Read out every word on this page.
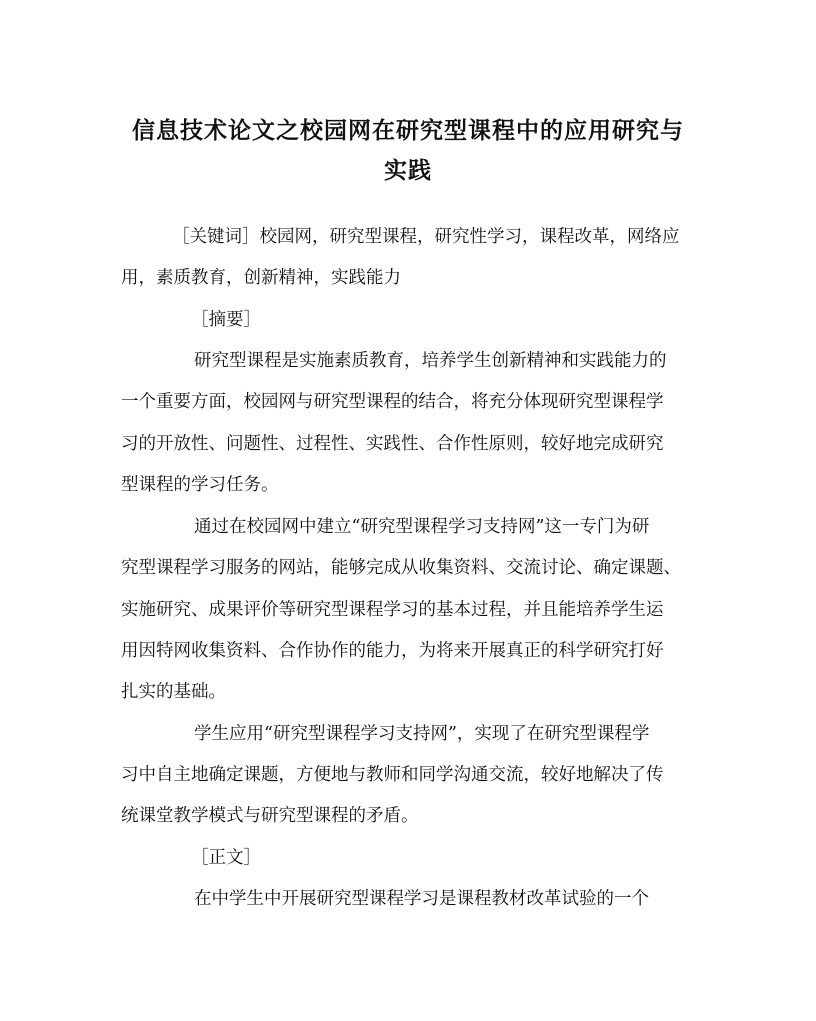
信息技术论文之校园网在研究型课程中的应用研究与
实践

［关键词］校园网，研究型课程，研究性学习，课程改革，网络应

用，素质教育，创新精神，实践能力

［摘要］

研究型课程是实施素质教育，培养学生创新精神和实践能力的

一个重要方面，校园网与研究型课程的结合，将充分体现研究型课程学

习的开放性、问题性、过程性、实践性、合作性原则，较好地完成研究

型课程的学习任务。

通过在校园网中建立“研究型课程学习支持网”这一专门为研

究型课程学习服务的网站，能够完成从收集资料、交流讨论、确定课题、

实施研究、成果评价等研究型课程学习的基本过程，并且能培养学生运

用因特网收集资料、合作协作的能力，为将来开展真正的科学研究打好

扎实的基础。

学生应用“研究型课程学习支持网”，实现了在研究型课程学

习中自主地确定课题，方便地与教师和同学沟通交流，较好地解决了传

统课堂教学模式与研究型课程的矛盾。

［正文］

在中学生中开展研究型课程学习是课程教材改革试验的一个
